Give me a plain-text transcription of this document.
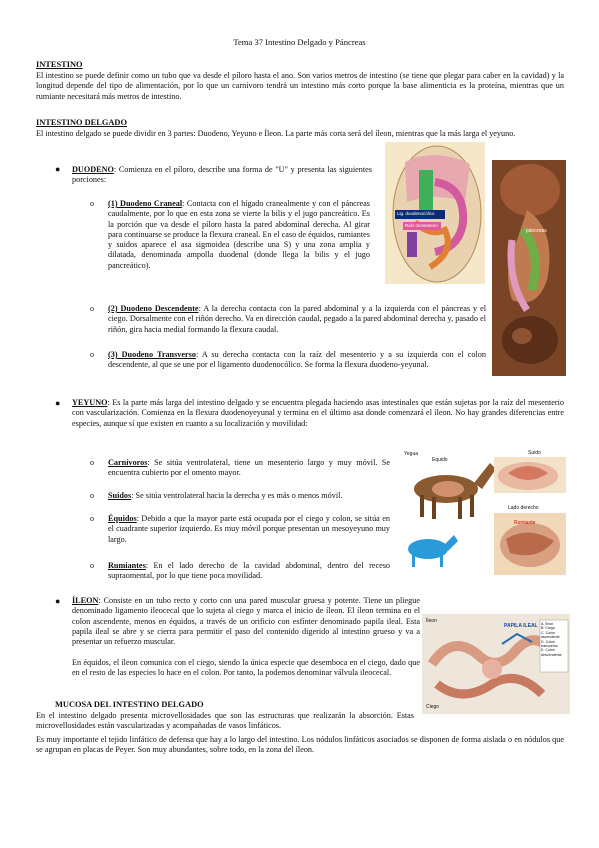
Tema 37 Intestino Delgado y Páncreas
INTESTINO
El intestino se puede definir como un tubo que va desde el píloro hasta el ano. Son varios metros de intestino (se tiene que plegar para caber en la cavidad) y la longitud depende del tipo de alimentación, por lo que un carnívoro tendrá un intestino más corto porque la base alimenticia es la proteína, mientras que un rumiante necesitará más metros de intestino.
INTESTINO DELGADO
El intestino delgado se puede dividir en 3 partes: Duodeno, Yeyuno e Íleon. La parte más corta será del íleon, mientras que la más larga el yeyuno.
● DUODENO: Comienza en el píloro, describe una forma de "U" y presenta las siguientes porciones:
o (1) Duodeno Craneal: Contacta con el hígado cranealmente y con el páncreas caudalmente, por lo que en esta zona se vierte la bilis y el jugo pancreático. Es la porción que va desde el píloro hasta la pared abdominal derecha. Al girar para continuarse se produce la flexura craneal. En el caso de équidos, rumiantes y suidos aparece el asa sigmoidea (describe una S) y una zona amplia y dilatada, denominada ampolla duodenal (donde llega la bilis y el jugo pancreático).
o (2) Duodeno Descendente: A la derecha contacta con la pared abdominal y a la izquierda con el páncreas y el ciego. Dorsalmente con el riñón derecho. Va en dirección caudal, pegado a la pared abdominal derecha y, pasado el riñón, gira hacia medial formando la flexura caudal.
o (3) Duodeno Transverso: A su derecha contacta con la raíz del mesenterio y a su izquierda con el colon descendente, al que se une por el ligamento duodenocólico. Se forma la flexura duodeno-yeyunal.
Lig. duodenocólico
Raíz mesenterio
páncreas
● YEYUNO: Es la parte más larga del intestino delgado y se encuentra plegada haciendo asas intestinales que están sujetas por la raíz del mesenterio con vascularización. Comienza en la flexura duodenoyeyunal y termina en el último asa donde comenzará el íleon. No hay grandes diferencias entre especies, aunque sí que existen en cuanto a su localización y movilidad:
o Carnívoros: Se sitúa ventrolateral, tiene un mesenterio largo y muy móvil. Se encuentra cubierto por el omento mayor.
o Suidos: Se sitúa ventrolateral hacia la derecha y es más o menos móvil.
o Équidos: Debido a que la mayor parte está ocupada por el ciego y colon, se sitúa en el cuadrante superior izquierdo. Es muy móvil porque presentan un mesoyeyuno muy largo.
o Rumiantes: En el lado derecho de la cavidad abdominal, dentro del receso supraomental, por lo que tiene poca movilidad.
Yegua
Equido
Suido
Lado derecho
Rumiante
● ÍLEON: Consiste en un tubo recto y corto con una pared muscular gruesa y potente. Tiene un pliegue denominado ligamento ileocecal que lo sujeta al ciego y marca el inicio de íleon. El íleon termina en el colon ascendente, menos en équidos, a través de un orificio con esfínter denominado papila ileal. Esta papila ileal se abre y se cierra para permitir el paso del contenido digerido al intestino grueso y va a presentar un refuerzo muscular.
En équidos, el íleon comunica con el ciego, siendo la única especie que desemboca en el ciego, dado que en el resto de las especies lo hace en el colon. Por tanto, la podemos denominar válvula ileocecal.
PAPILA ILEAL
Íleon
Ciego
A. Íleon
B. Ciego
C. Colon ascendente
D. Colon transverso
E. Colon descendente
MUCOSA DEL INTESTINO DELGADO
En el intestino delgado presenta microvellosidades que son las estructuras que realizarán la absorción. Estas microvellosidades están vascularizadas y acompañadas de vasos linfáticos.
Es muy importante el tejido linfático de defensa que hay a lo largo del intestino. Los nódulos linfáticos asociados se disponen de forma aislada o en nódulos que se agrupan en placas de Peyer. Son muy abundantes, sobre todo, en la zona del íleon.
